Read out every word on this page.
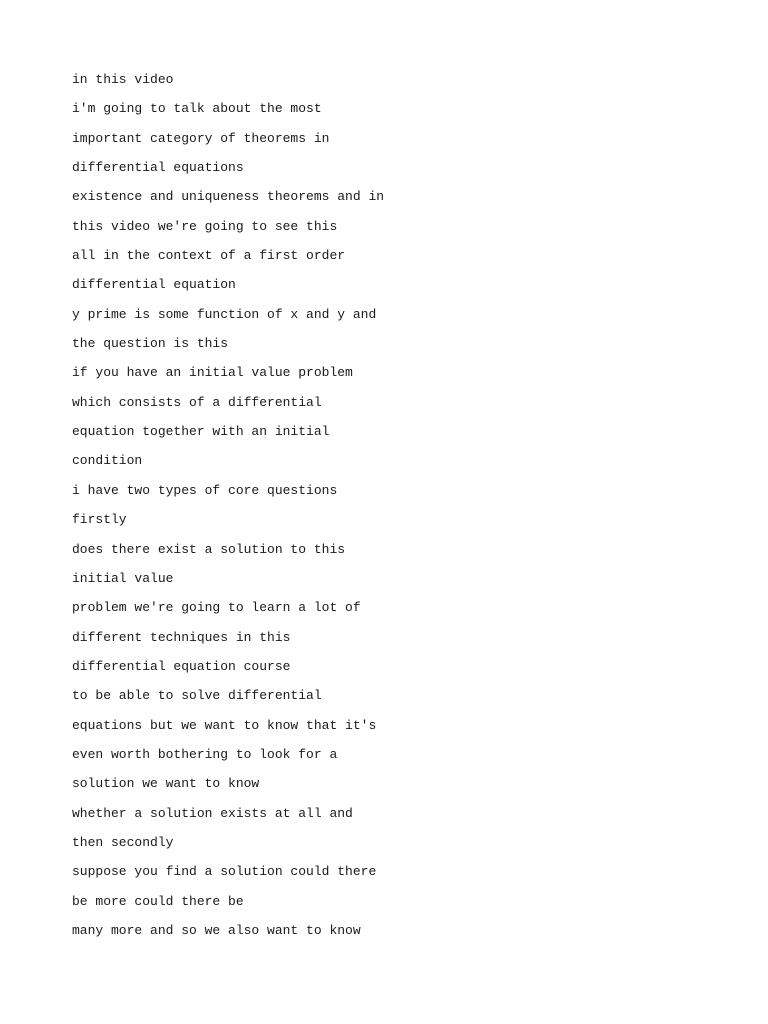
in this video
i'm going to talk about the most
important category of theorems in
differential equations
existence and uniqueness theorems and in
this video we're going to see this
all in the context of a first order
differential equation
y prime is some function of x and y and
the question is this
if you have an initial value problem
which consists of a differential
equation together with an initial
condition
i have two types of core questions
firstly
does there exist a solution to this
initial value
problem we're going to learn a lot of
different techniques in this
differential equation course
to be able to solve differential
equations but we want to know that it's
even worth bothering to look for a
solution we want to know
whether a solution exists at all and
then secondly
suppose you find a solution could there
be more could there be
many more and so we also want to know
